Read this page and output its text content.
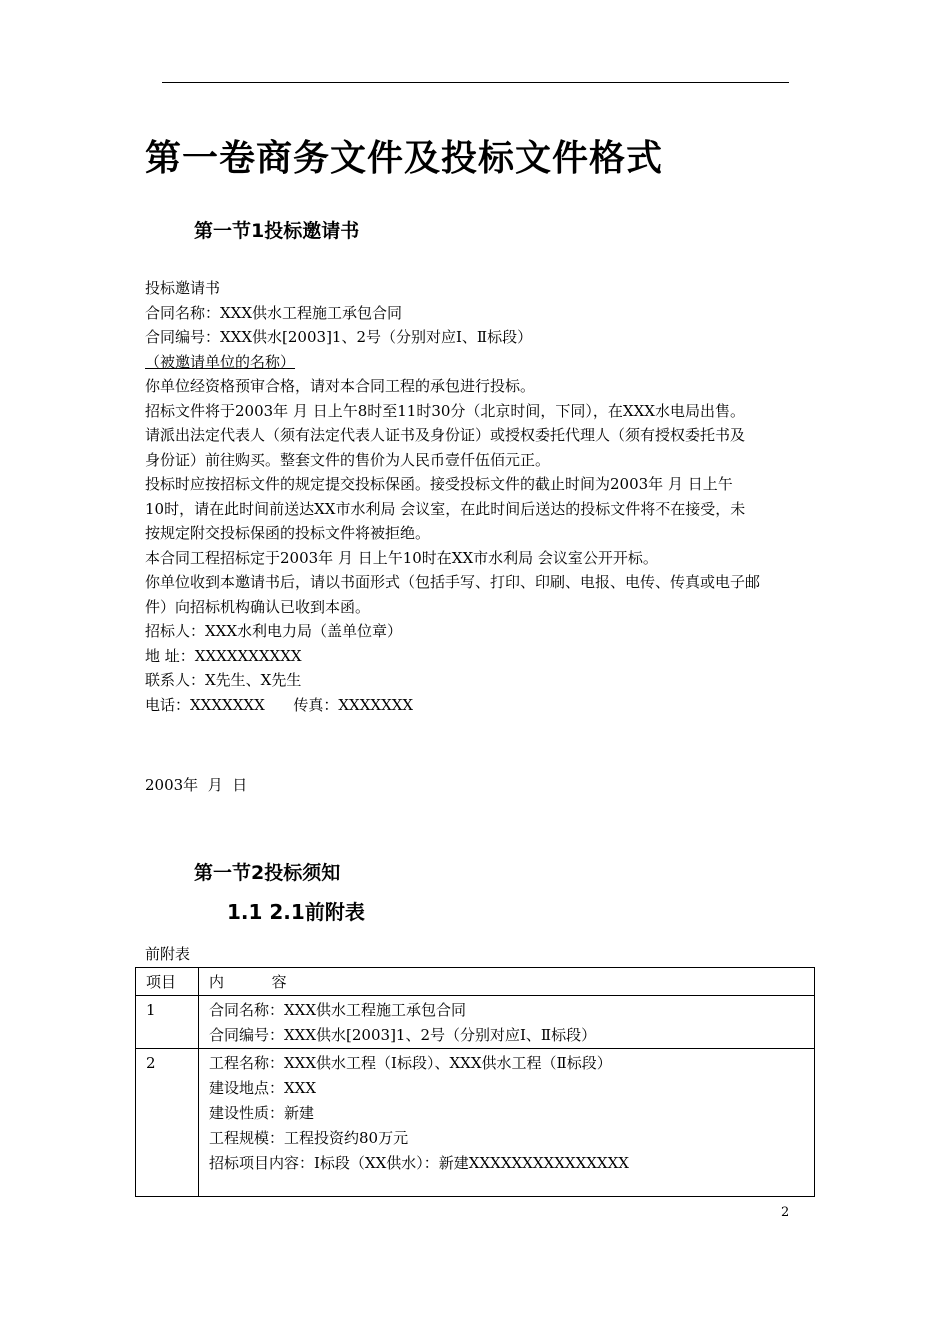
第一卷商务文件及投标文件格式
第一节1投标邀请书
投标邀请书
合同名称：XXX供水工程施工承包合同
合同编号：XXX供水[2003]1、2号（分别对应Ⅰ、Ⅱ标段）
（被邀请单位的名称）
你单位经资格预审合格，请对本合同工程的承包进行投标。
招标文件将于2003年 月 日上午8时至11时30分（北京时间，下同），在XXX水电局出售。
请派出法定代表人（须有法定代表人证书及身份证）或授权委托代理人（须有授权委托书及
身份证）前往购买。整套文件的售价为人民币壹仟伍佰元正。
投标时应按招标文件的规定提交投标保函。接受投标文件的截止时间为2003年 月 日上午
10时，请在此时间前送达XX市水利局 会议室，在此时间后送达的投标文件将不在接受，未
按规定附交投标保函的投标文件将被拒绝。
本合同工程招标定于2003年 月 日上午10时在XX市水利局 会议室公开开标。
你单位收到本邀请书后，请以书面形式（包括手写、打印、印刷、电报、电传、传真或电子邮
件）向招标机构确认已收到本函。
招标人：XXX水利电力局（盖单位章）
地 址：XXXXXXXXXX
联系人：X先生、X先生
电话：XXXXXXX      传真：XXXXXXX
2003年  月  日
第一节2投标须知
1.1 2.1前附表
前附表
项目	内          容
1	合同名称：XXX供水工程施工承包合同
合同编号：XXX供水[2003]1、2号（分别对应Ⅰ、Ⅱ标段）

2	工程名称：XXX供水工程（Ⅰ标段）、XXX供水工程（Ⅱ标段）
建设地点：XXX
建设性质：新建
工程规模：工程投资约80万元
招标项目内容：Ⅰ标段（XX供水）：新建XXXXXXXXXXXXXXX
2
